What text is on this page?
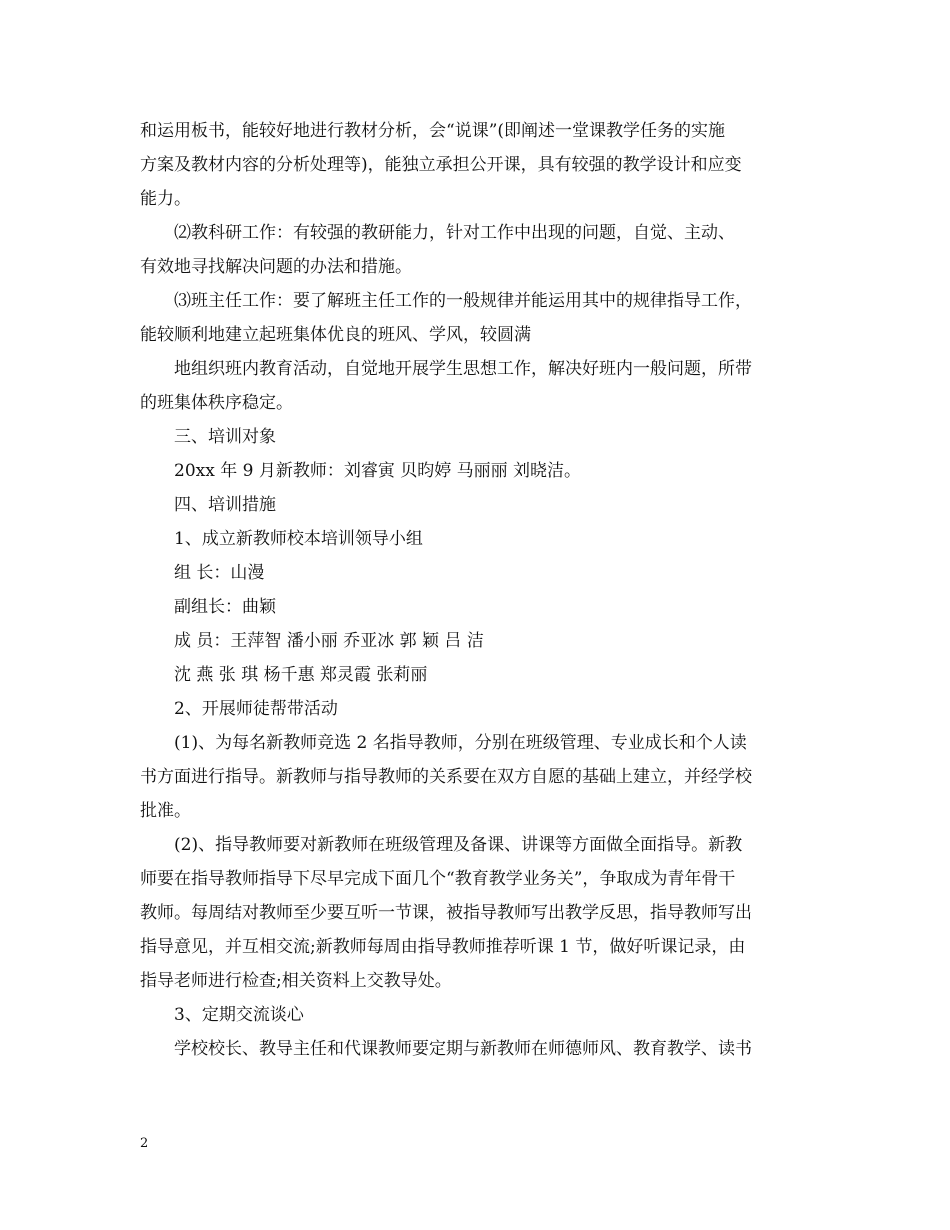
和运用板书，能较好地进行教材分析，会“说课”(即阐述一堂课教学任务的实施

方案及教材内容的分析处理等)，能独立承担公开课，具有较强的教学设计和应变

能力。

⑵教科研工作：有较强的教研能力，针对工作中出现的问题，自觉、主动、

有效地寻找解决问题的办法和措施。

⑶班主任工作：要了解班主任工作的一般规律并能运用其中的规律指导工作，

能较顺利地建立起班集体优良的班风、学风，较圆满

地组织班内教育活动，自觉地开展学生思想工作，解决好班内一般问题，所带

的班集体秩序稳定。

三、培训对象

20xx 年 9 月新教师：刘睿寅 贝昀婷 马丽丽 刘晓洁。

四、培训措施

1、成立新教师校本培训领导小组

组 长：山漫

副组长：曲颖

成 员：王萍智 潘小丽 乔亚冰 郭 颖 吕 洁

沈 燕 张 琪 杨千惠 郑灵霞 张莉丽

2、开展师徒帮带活动

(1)、为每名新教师竞选 2 名指导教师，分别在班级管理、专业成长和个人读

书方面进行指导。新教师与指导教师的关系要在双方自愿的基础上建立，并经学校

批准。

(2)、指导教师要对新教师在班级管理及备课、讲课等方面做全面指导。新教

师要在指导教师指导下尽早完成下面几个“教育教学业务关”，争取成为青年骨干

教师。每周结对教师至少要互听一节课，被指导教师写出教学反思，指导教师写出

指导意见，并互相交流;新教师每周由指导教师推荐听课 1 节，做好听课记录，由

指导老师进行检查;相关资料上交教导处。

3、定期交流谈心

学校校长、教导主任和代课教师要定期与新教师在师德师风、教育教学、读书

2
